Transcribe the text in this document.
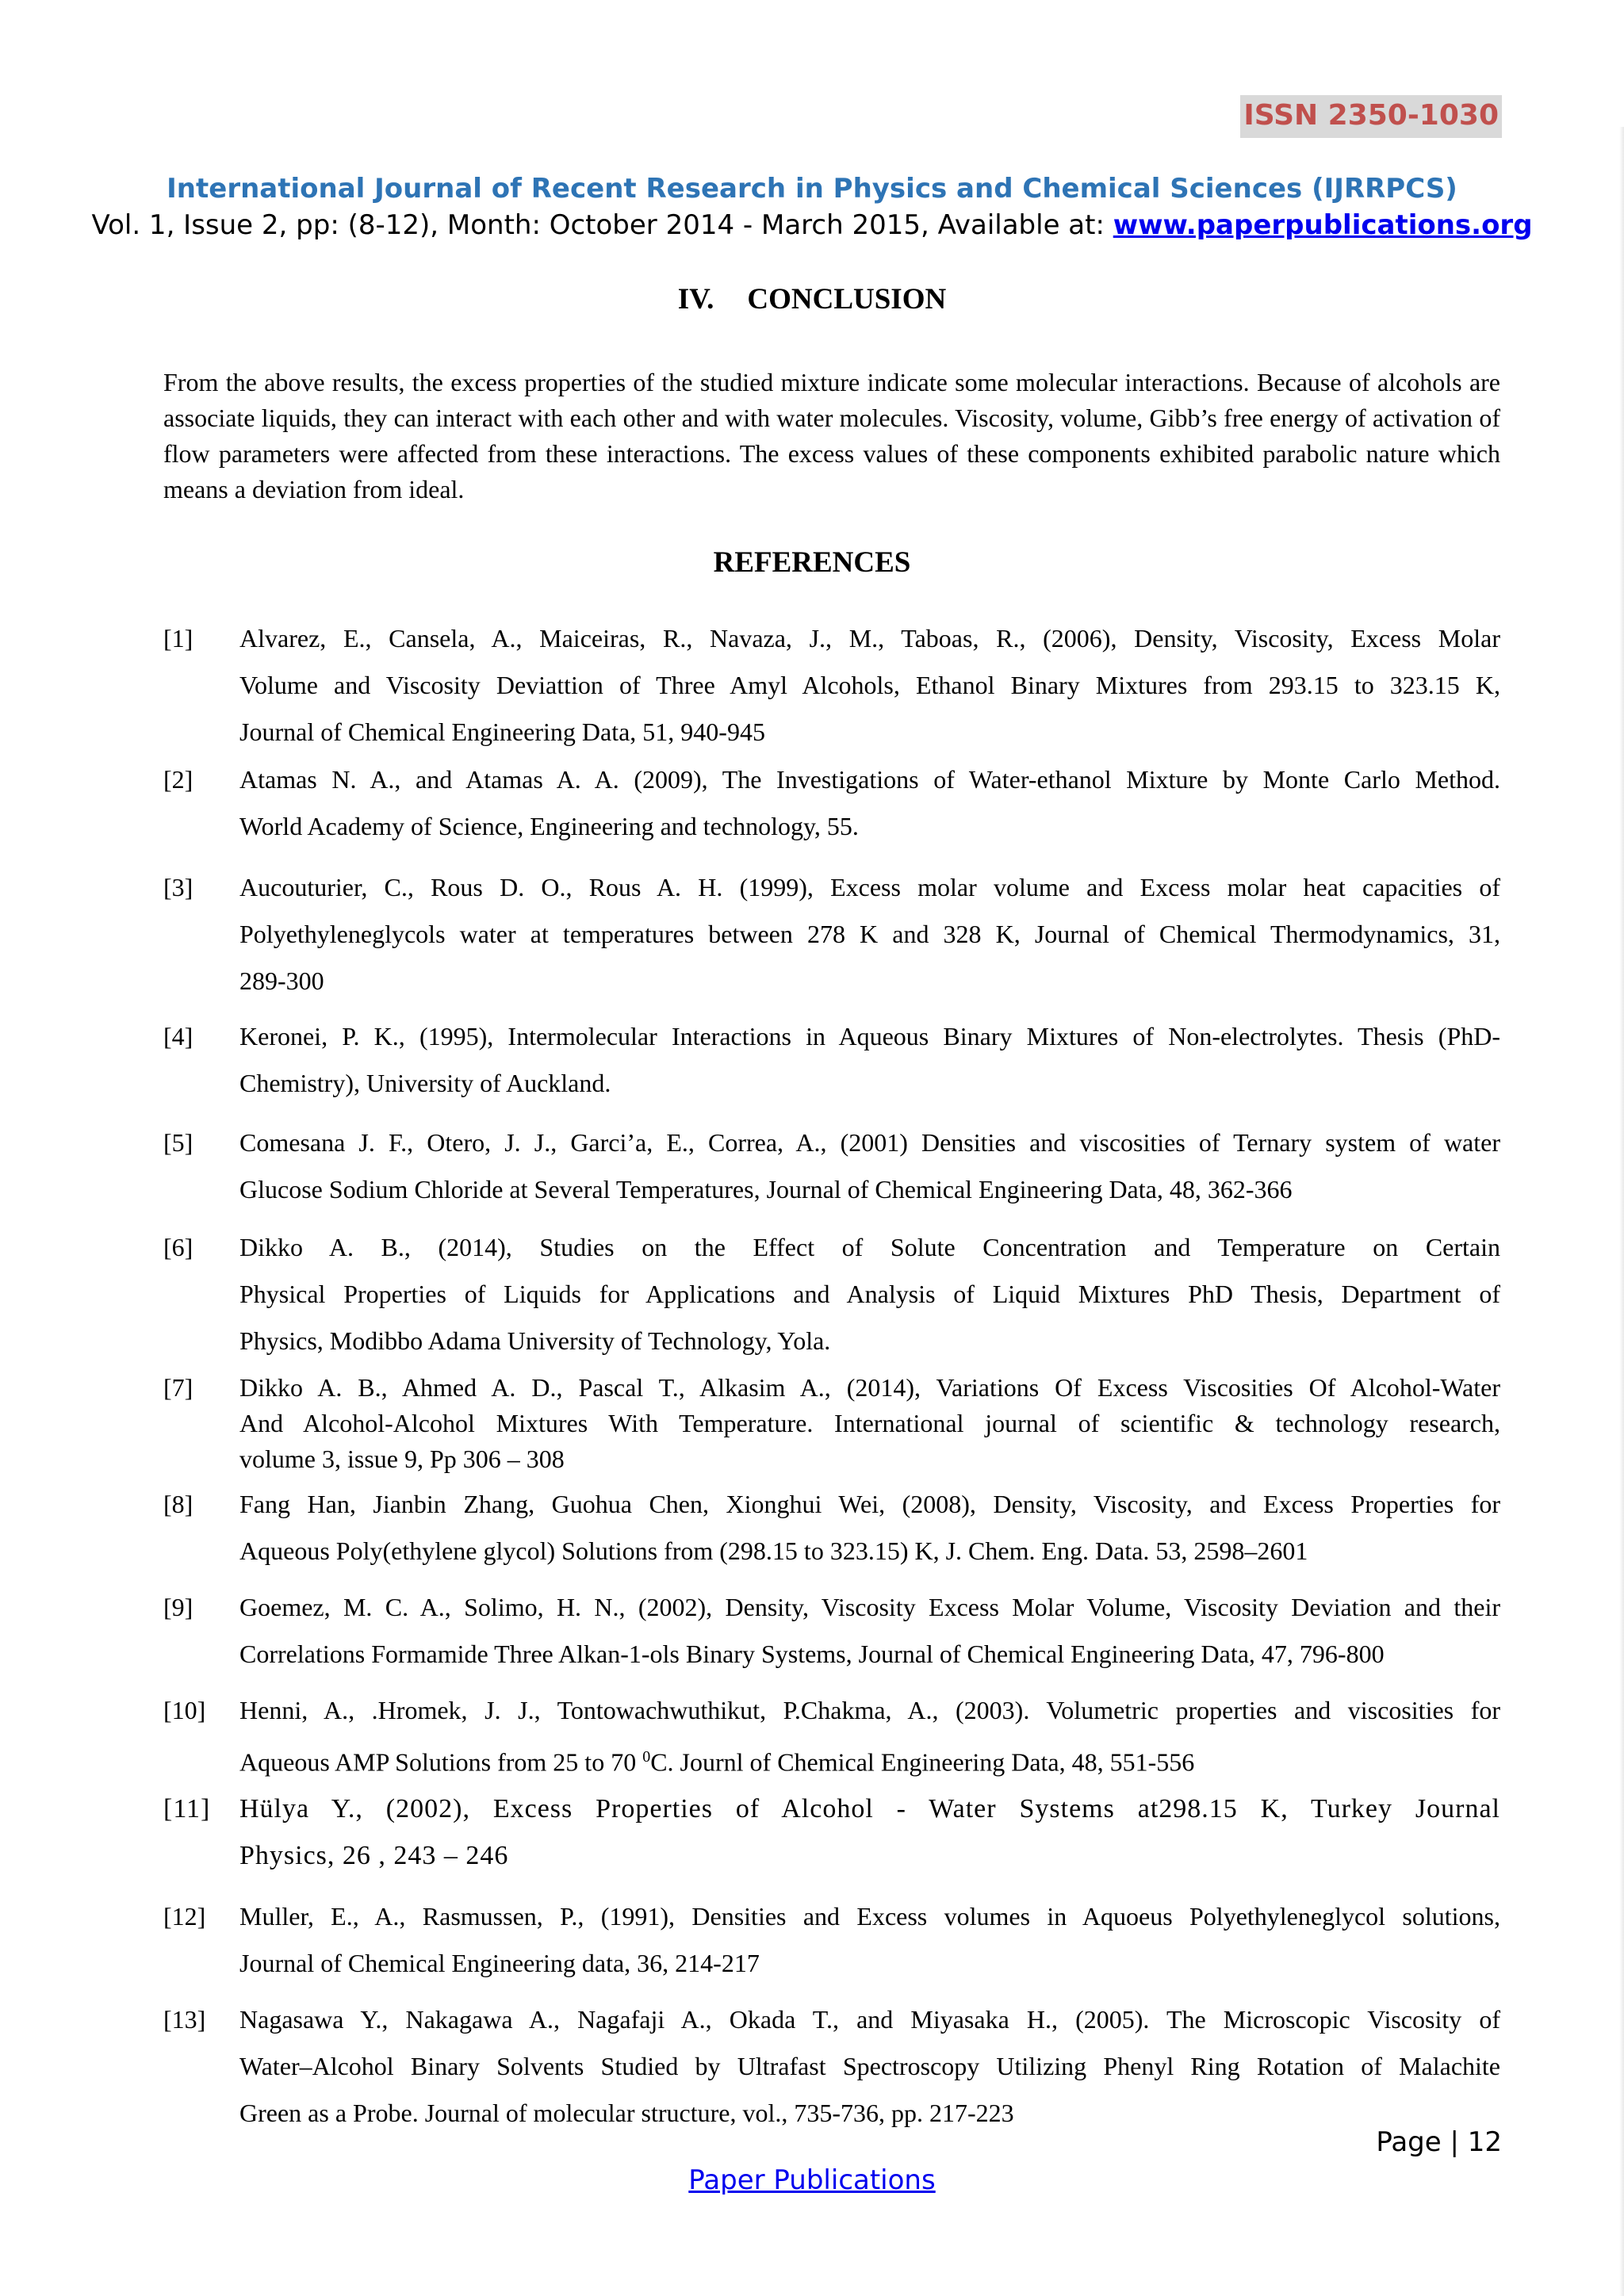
ISSN 2350-1030
International Journal of Recent Research in Physics and Chemical Sciences (IJRRPCS)
Vol. 1, Issue 2, pp: (8-12), Month: October 2014 - March 2015, Available at: www.paperpublications.org
IV. CONCLUSION
From the above results, the excess properties of the studied mixture indicate some molecular interactions. Because of alcohols are associate liquids, they can interact with each other and with water molecules. Viscosity, volume, Gibb’s free energy of activation of flow parameters were affected from these interactions. The excess values of these components exhibited parabolic nature which means a deviation from ideal.
REFERENCES
[1] Alvarez, E., Cansela, A., Maiceiras, R., Navaza, J., M., Taboas, R., (2006), Density, Viscosity, Excess Molar
Volume and Viscosity Deviattion of Three Amyl Alcohols, Ethanol Binary Mixtures from 293.15 to 323.15 K,
Journal of Chemical Engineering Data, 51, 940-945
[2] Atamas N. A., and Atamas A. A. (2009), The Investigations of Water-ethanol Mixture by Monte Carlo Method.
World Academy of Science, Engineering and technology, 55.
[3] Aucouturier, C., Rous D. O., Rous A. H. (1999), Excess molar volume and Excess molar heat capacities of
Polyethyleneglycols water at temperatures between 278 K and 328 K, Journal of Chemical Thermodynamics, 31,
289-300
[4] Keronei, P. K., (1995), Intermolecular Interactions in Aqueous Binary Mixtures of Non-electrolytes. Thesis (PhD-
Chemistry), University of Auckland.
[5] Comesana J. F., Otero, J. J., Garci’a, E., Correa, A., (2001) Densities and viscosities of Ternary system of water
Glucose Sodium Chloride at Several Temperatures, Journal of Chemical Engineering Data, 48, 362-366
[6] Dikko A. B., (2014), Studies on the Effect of Solute Concentration and Temperature on Certain
Physical Properties of Liquids for Applications and Analysis of Liquid Mixtures PhD Thesis, Department of
Physics, Modibbo Adama University of Technology, Yola.
[7] Dikko A. B., Ahmed A. D., Pascal T., Alkasim A., (2014), Variations Of Excess Viscosities Of Alcohol-Water
And Alcohol-Alcohol Mixtures With Temperature. International journal of scientific & technology research,
volume 3, issue 9, Pp 306 – 308
[8] Fang Han, Jianbin Zhang, Guohua Chen, Xionghui Wei, (2008), Density, Viscosity, and Excess Properties for
Aqueous Poly(ethylene glycol) Solutions from (298.15 to 323.15) K, J. Chem. Eng. Data. 53, 2598–2601
[9] Goemez, M. C. A., Solimo, H. N., (2002), Density, Viscosity Excess Molar Volume, Viscosity Deviation and their
Correlations Formamide Three Alkan-1-ols Binary Systems, Journal of Chemical Engineering Data, 47, 796-800
[10] Henni, A., .Hromek, J. J., Tontowachwuthikut, P.Chakma, A., (2003). Volumetric properties and viscosities for
Aqueous AMP Solutions from 25 to 70 $^0$C. Journl of Chemical Engineering Data, 48, 551-556
[11] Hülya Y., (2002), Excess Properties of Alcohol - Water Systems at298.15 K, Turkey Journal
Physics, 26 , 243 – 246
[12] Muller, E., A., Rasmussen, P., (1991), Densities and Excess volumes in Aquoeus Polyethyleneglycol solutions,
Journal of Chemical Engineering data, 36, 214-217
[13] Nagasawa Y., Nakagawa A., Nagafaji A., Okada T., and Miyasaka H., (2005). The Microscopic Viscosity of
Water–Alcohol Binary Solvents Studied by Ultrafast Spectroscopy Utilizing Phenyl Ring Rotation of Malachite
Green as a Probe. Journal of molecular structure, vol., 735-736, pp. 217-223
Page | 12
Paper Publications
